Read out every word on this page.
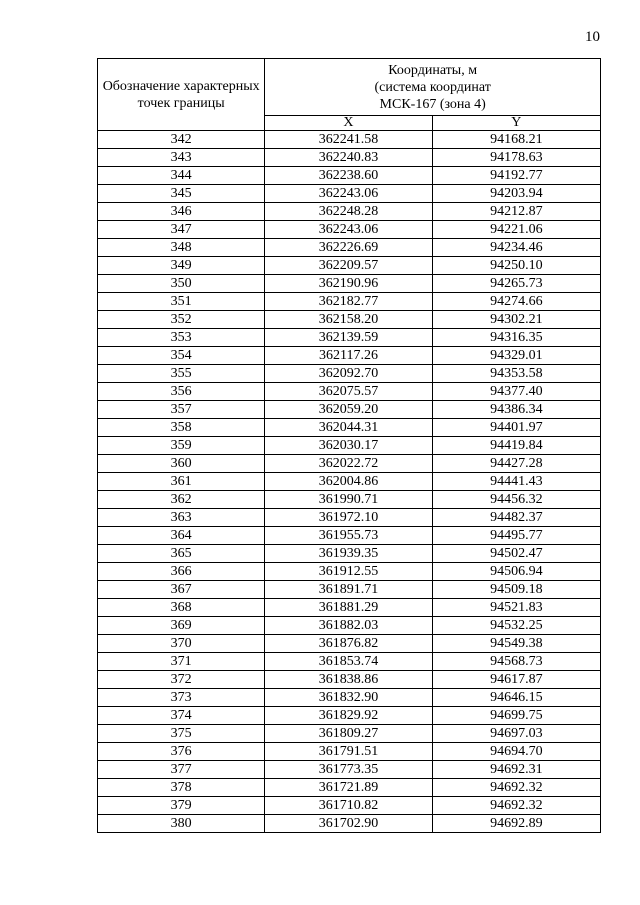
10
Обозначение характерных точек границы	Координаты, м
(система координат
МСК-167 (зона 4)	

	X	Y
342	362241.58	94168.21
343	362240.83	94178.63
344	362238.60	94192.77
345	362243.06	94203.94
346	362248.28	94212.87
347	362243.06	94221.06
348	362226.69	94234.46
349	362209.57	94250.10
350	362190.96	94265.73
351	362182.77	94274.66
352	362158.20	94302.21
353	362139.59	94316.35
354	362117.26	94329.01
355	362092.70	94353.58
356	362075.57	94377.40
357	362059.20	94386.34
358	362044.31	94401.97
359	362030.17	94419.84
360	362022.72	94427.28
361	362004.86	94441.43
362	361990.71	94456.32
363	361972.10	94482.37
364	361955.73	94495.77
365	361939.35	94502.47
366	361912.55	94506.94
367	361891.71	94509.18
368	361881.29	94521.83
369	361882.03	94532.25
370	361876.82	94549.38
371	361853.74	94568.73
372	361838.86	94617.87
373	361832.90	94646.15
374	361829.92	94699.75
375	361809.27	94697.03
376	361791.51	94694.70
377	361773.35	94692.31
378	361721.89	94692.32
379	361710.82	94692.32
380	361702.90	94692.89
